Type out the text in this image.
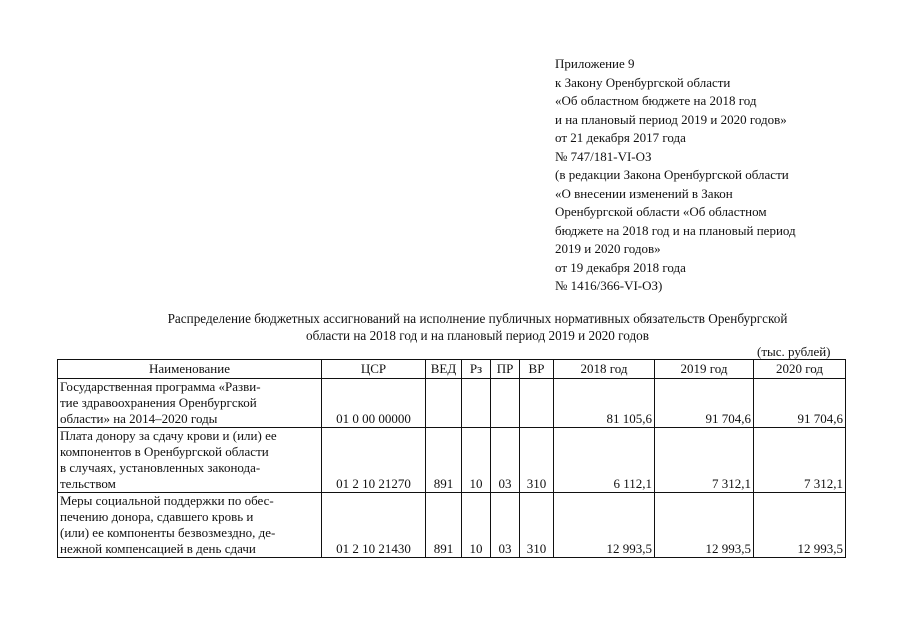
Приложение 9
к Закону Оренбургской области
«Об областном бюджете на 2018 год
и на плановый период 2019 и 2020 годов»
от 21 декабря 2017 года
№ 747/181-VI-ОЗ
(в редакции Закона Оренбургской области
«О внесении изменений в Закон
Оренбургской области «Об областном
бюджете на 2018 год и на плановый период
2019 и 2020 годов»
от 19 декабря 2018 года
№ 1416/366-VI-ОЗ)
Распределение бюджетных ассигнований на исполнение публичных нормативных обязательств Оренбургской
области на 2018 год и на плановый период 2019 и 2020 годов
(тыс. рублей)
Наименование	ЦСР	ВЕД	Рз	ПР	ВР	2018 год	2019 год	2020 год

Государственная программа «Разви-
тие здравоохранения Оренбургской
области» на 2014–2020 годы	01 0 00 00000					81 105,6	91 704,6	91 704,6

Плата донору за сдачу крови и (или) ее
компонентов в Оренбургской области
в случаях, установленных законода-
тельством	01 2 10 21270	891	10	03	310	6 112,1	7 312,1	7 312,1

Меры социальной поддержки по обес-
печению донора, сдавшего кровь и
(или) ее компоненты безвозмездно, де-
нежной компенсацией в день сдачи	01 2 10 21430	891	10	03	310	12 993,5	12 993,5	12 993,5
